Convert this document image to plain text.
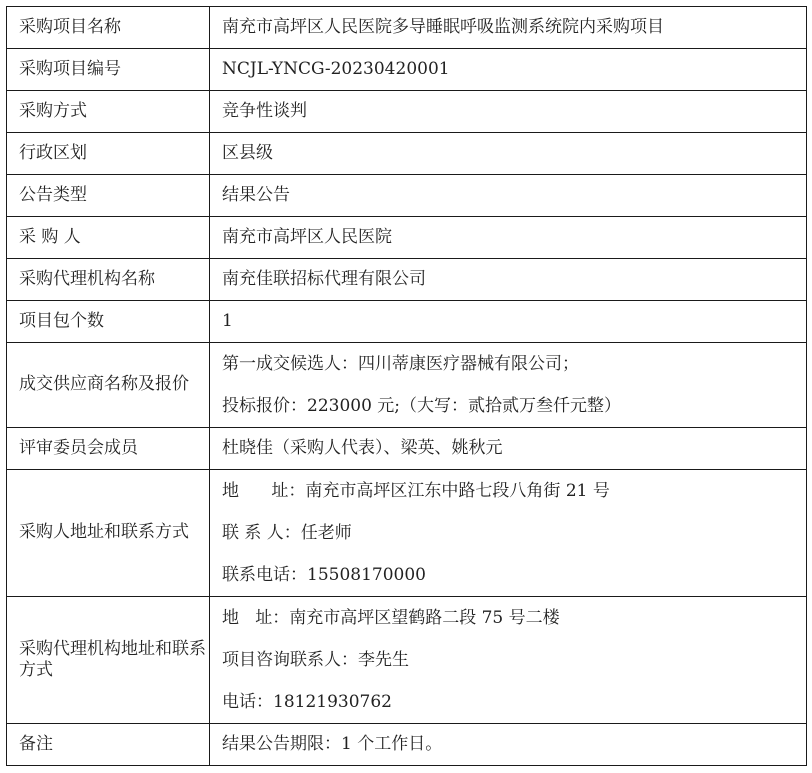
采购项目名称	南充市高坪区人民医院多导睡眠呼吸监测系统院内采购项目
采购项目编号	NCJL-YNCG-20230420001
采购方式	竞争性谈判
行政区划	区县级
公告类型	结果公告
采 购 人	南充市高坪区人民医院
采购代理机构名称	南充佳联招标代理有限公司
项目包个数	1
成交供应商名称及报价	第一成交候选人：四川蒂康医疗器械有限公司；
投标报价：223000 元;（大写：贰拾贰万叁仟元整）

评审委员会成员	杜晓佳（采购人代表）、梁英、姚秋元
采购人地址和联系方式	地      址：南充市高坪区江东中路七段八角街 21 号
联 系 人：任老师
联系电话：15508170000

采购代理机构地址和联系方式	地   址：南充市高坪区望鹤路二段 75 号二楼
项目咨询联系人：李先生
电话：18121930762

备注	结果公告期限：1 个工作日。
